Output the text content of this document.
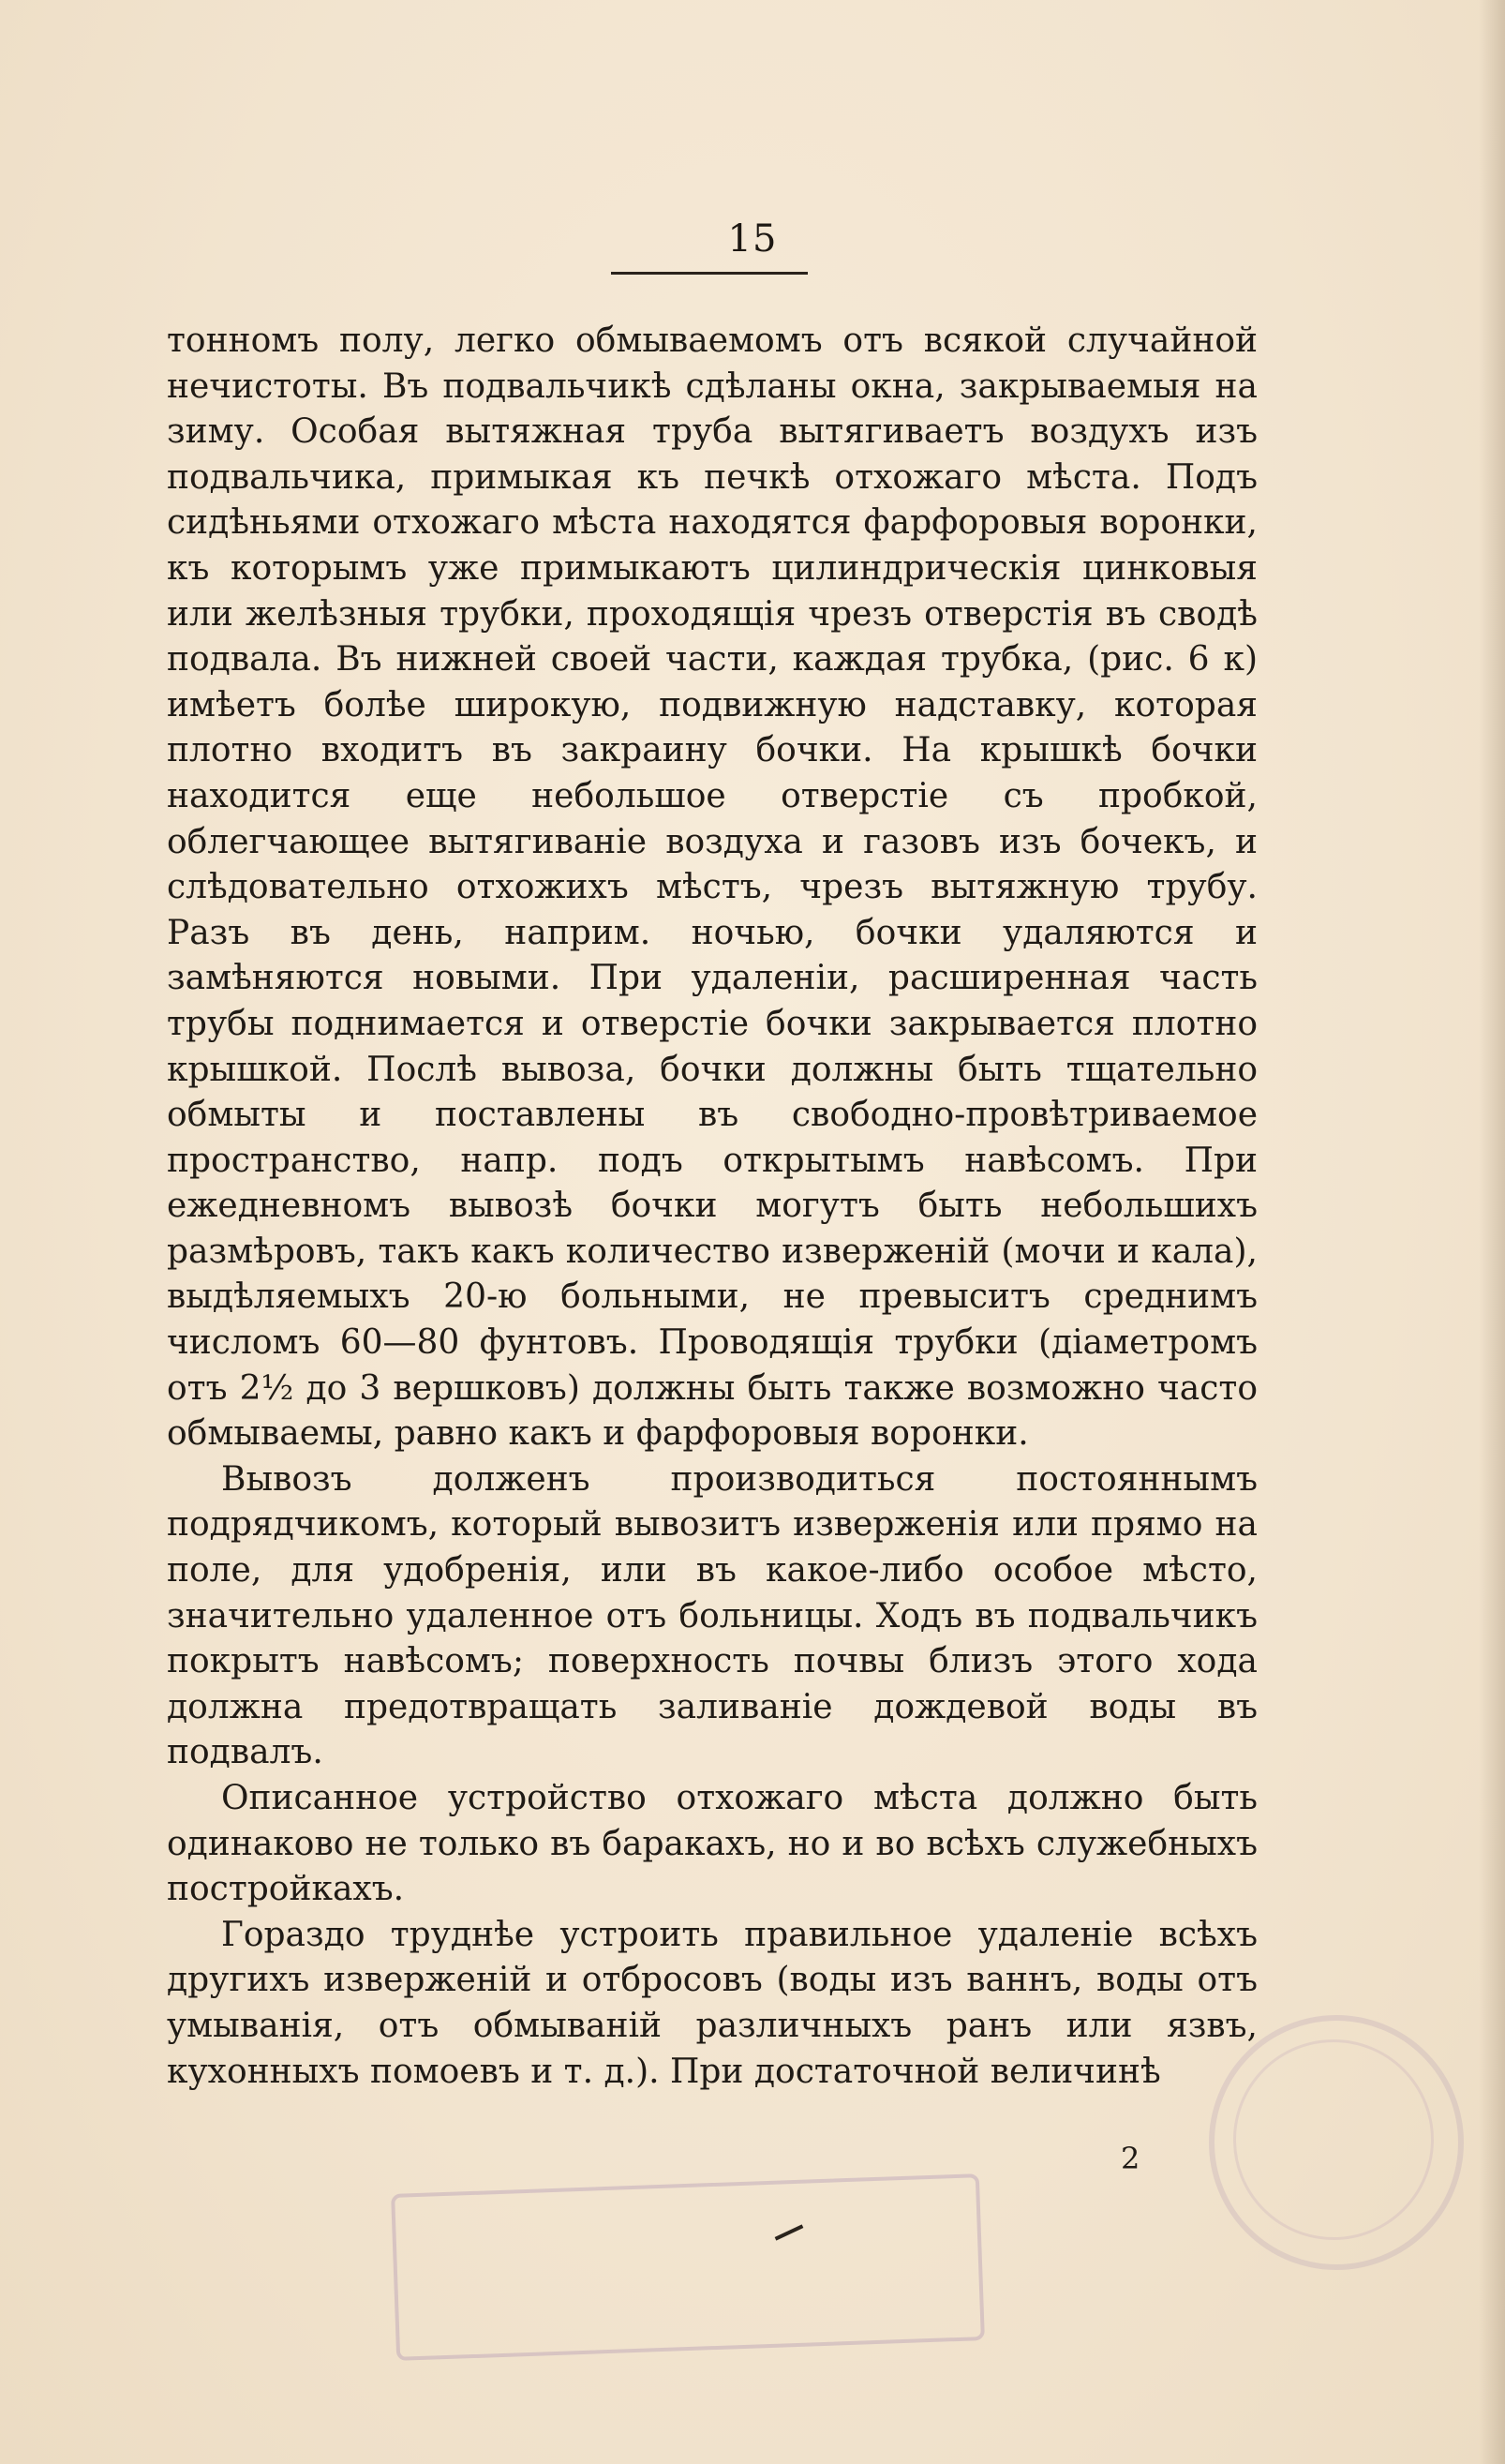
15

тонномъ полу, легко обмываемомъ отъ всякой случайной нечистоты. Въ подвальчикѣ сдѣланы окна, закрываемыя на зиму. Особая вытяжная труба вытягиваетъ воздухъ изъ подвальчика, примыкая къ печкѣ отхожаго мѣста. Подъ сидѣньями отхожаго мѣста находятся фарфоровыя воронки, къ которымъ уже примыкаютъ цилиндрическія цинковыя или желѣзныя трубки, проходящія чрезъ отверстія въ сводѣ подвала. Въ нижней своей части, каждая трубка, (рис. 6 к) имѣетъ болѣе широкую, подвижную надставку, которая плотно входитъ въ закраину бочки. На крышкѣ бочки находится еще небольшое отверстіе съ пробкой, облегчающее вытягиваніе воздуха и газовъ изъ бочекъ, и слѣдовательно отхожихъ мѣстъ, чрезъ вытяжную трубу. Разъ въ день, наприм. ночью, бочки удаляются и замѣняются новыми. При удаленіи, расширенная часть трубы поднимается и отверстіе бочки закрывается плотно крышкой. Послѣ вывоза, бочки должны быть тщательно обмыты и поставлены въ свободно-провѣтриваемое пространство, напр. подъ открытымъ навѣсомъ. При ежедневномъ вывозѣ бочки могутъ быть небольшихъ размѣровъ, такъ какъ количество изверженій (мочи и кала), выдѣляемыхъ 20-ю больными, не превыситъ среднимъ числомъ 60—80 фунтовъ. Проводящія трубки (діаметромъ отъ 2½ до 3 вершковъ) должны быть также возможно часто обмываемы, равно какъ и фарфоровыя воронки.

Вывозъ долженъ производиться постояннымъ подрядчикомъ, который вывозитъ изверженія или прямо на поле, для удобренія, или въ какое-либо особое мѣсто, значительно удаленное отъ больницы. Ходъ въ подвальчикъ покрытъ навѣсомъ; поверхность почвы близъ этого хода должна предотвращать заливаніе дождевой воды въ подвалъ.

Описанное устройство отхожаго мѣста должно быть одинаково не только въ баракахъ, но и во всѣхъ служебныхъ постройкахъ.

Гораздо труднѣе устроить правильное удаленіе всѣхъ другихъ изверженій и отбросовъ (воды изъ ваннъ, воды отъ умыванія, отъ обмываній различныхъ ранъ или язвъ, кухонныхъ помоевъ и т. д.). При достаточной величинѣ

2
